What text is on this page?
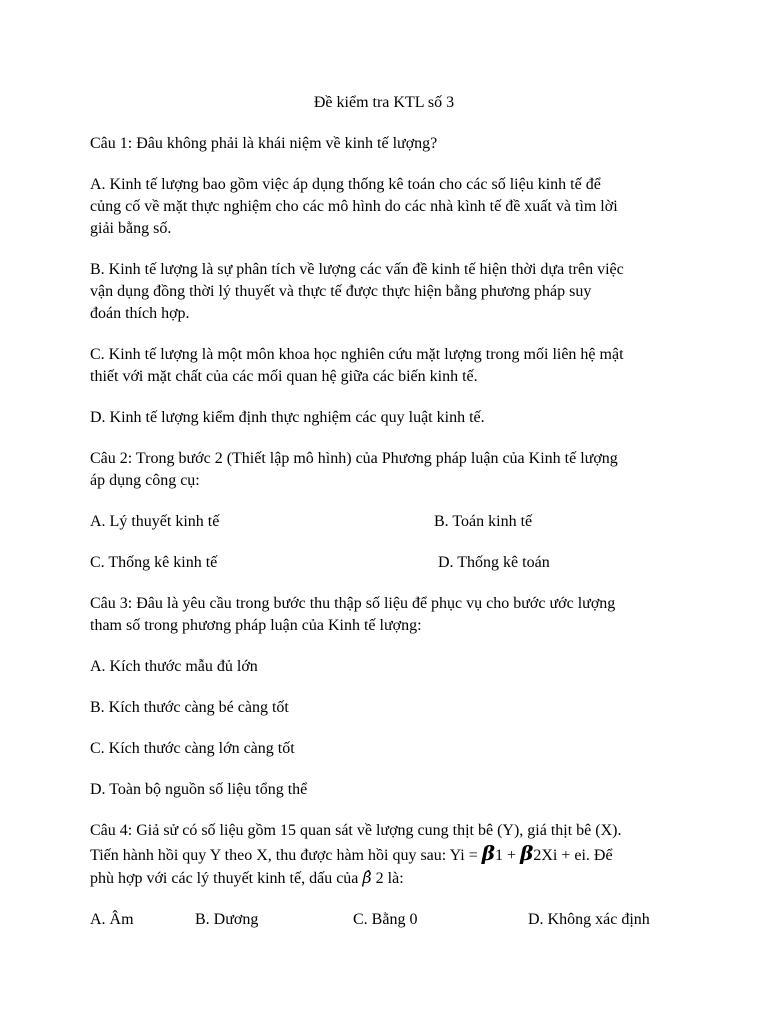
Đề kiểm tra KTL số 3
Câu 1: Đâu không phải là khái niệm về kinh tế lượng?
A. Kinh tế lượng bao gồm việc áp dụng thống kê toán cho các số liệu kinh tế để
củng cố về mặt thực nghiệm cho các mô hình do các nhà kình tế đề xuất và tìm lời
giải bằng số.
B. Kinh tế lượng là sự phân tích về lượng các vấn đề kinh tế hiện thời dựa trên việc
vận dụng đồng thời lý thuyết và thực tế được thực hiện bằng phương pháp suy
đoán thích hợp.
C. Kinh tế lượng là một môn khoa học nghiên cứu mặt lượng trong mối liên hệ mật
thiết với mặt chất của các mối quan hệ giữa các biến kinh tế.
D. Kinh tế lượng kiểm định thực nghiệm các quy luật kinh tế.
Câu 2: Trong bước 2 (Thiết lập mô hình) của Phương pháp luận của Kinh tế lượng
áp dụng công cụ:
A. Lý thuyết kinh tế	B. Toán kinh tế
C. Thống kê kinh tế	D. Thống kê toán
Câu 3: Đâu là yêu cầu trong bước thu thập số liệu để phục vụ cho bước ước lượng
tham số trong phương pháp luận của Kinh tế lượng:
A. Kích thước mẫu đủ lớn
B. Kích thước càng bé càng tốt
C. Kích thước càng lớn càng tốt
D. Toàn bộ nguồn số liệu tổng thể
Câu 4: Giả sử có số liệu gồm 15 quan sát về lượng cung thịt bê (Y), giá thịt bê (X).
Tiến hành hồi quy Y theo X, thu được hàm hồi quy sau: Yi = β1 + β2Xi + ei. Để
phù hợp với các lý thuyết kinh tế, dấu của β̂ 2 là:
A. Âm	B. Dương	C. Bằng 0	D. Không xác định
